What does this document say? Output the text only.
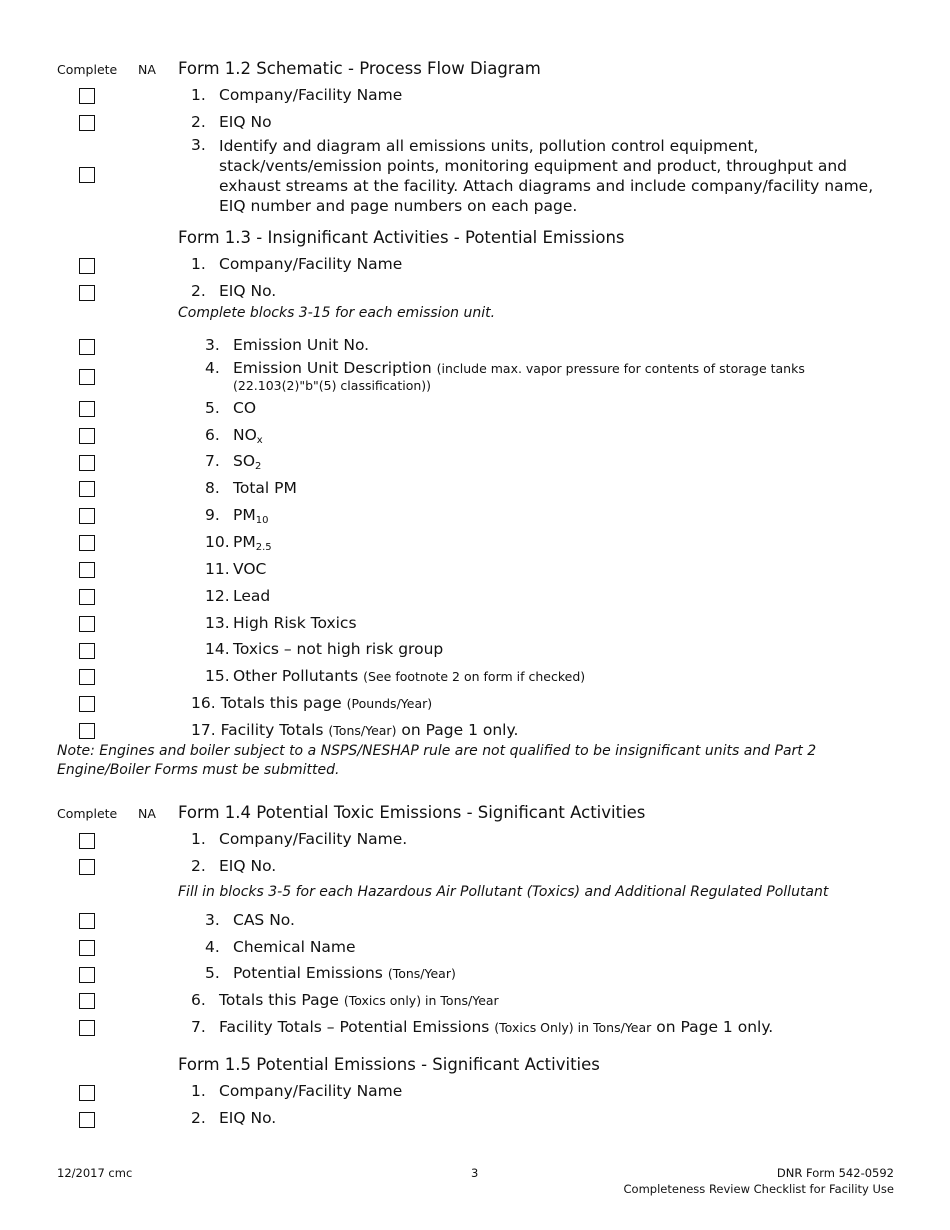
Complete NA Form 1.2 Schematic - Process Flow Diagram
1. Company/Facility Name
2. EIQ No
3. Identify and diagram all emissions units, pollution control equipment, stack/vents/emission points, monitoring equipment and product, throughput and exhaust streams at the facility. Attach diagrams and include company/facility name, EIQ number and page numbers on each page.
Form 1.3 - Insignificant Activities - Potential Emissions
1. Company/Facility Name
2. EIQ No.
Complete blocks 3-15 for each emission unit.
3. Emission Unit No.
4. Emission Unit Description (include max. vapor pressure for contents of storage tanks
(22.103(2)"b"(5) classification))
5. CO
6. $NO_x$
7. $SO_2$
8. Total PM
9. $PM_{10}$
10. $PM_{2.5}$
11. VOC
12. Lead
13. High Risk Toxics
14. Toxics – not high risk group
15. Other Pollutants (See footnote 2 on form if checked)
16. Totals this page (Pounds/Year)
17. Facility Totals (Tons/Year) on Page 1 only.
Note: Engines and boiler subject to a NSPS/NESHAP rule are not qualified to be insignificant units and Part 2
Engine/Boiler Forms must be submitted.
Complete NA Form 1.4 Potential Toxic Emissions - Significant Activities
1. Company/Facility Name.
2. EIQ No.
Fill in blocks 3-5 for each Hazardous Air Pollutant (Toxics) and Additional Regulated Pollutant
3. CAS No.
4. Chemical Name
5. Potential Emissions (Tons/Year)
6. Totals this Page (Toxics only) in Tons/Year
7. Facility Totals – Potential Emissions (Toxics Only) in Tons/Year on Page 1 only.
Form 1.5 Potential Emissions - Significant Activities
1. Company/Facility Name
2. EIQ No.
12/2017 cmc	3	DNR Form 542-0592
Completeness Review Checklist for Facility Use
